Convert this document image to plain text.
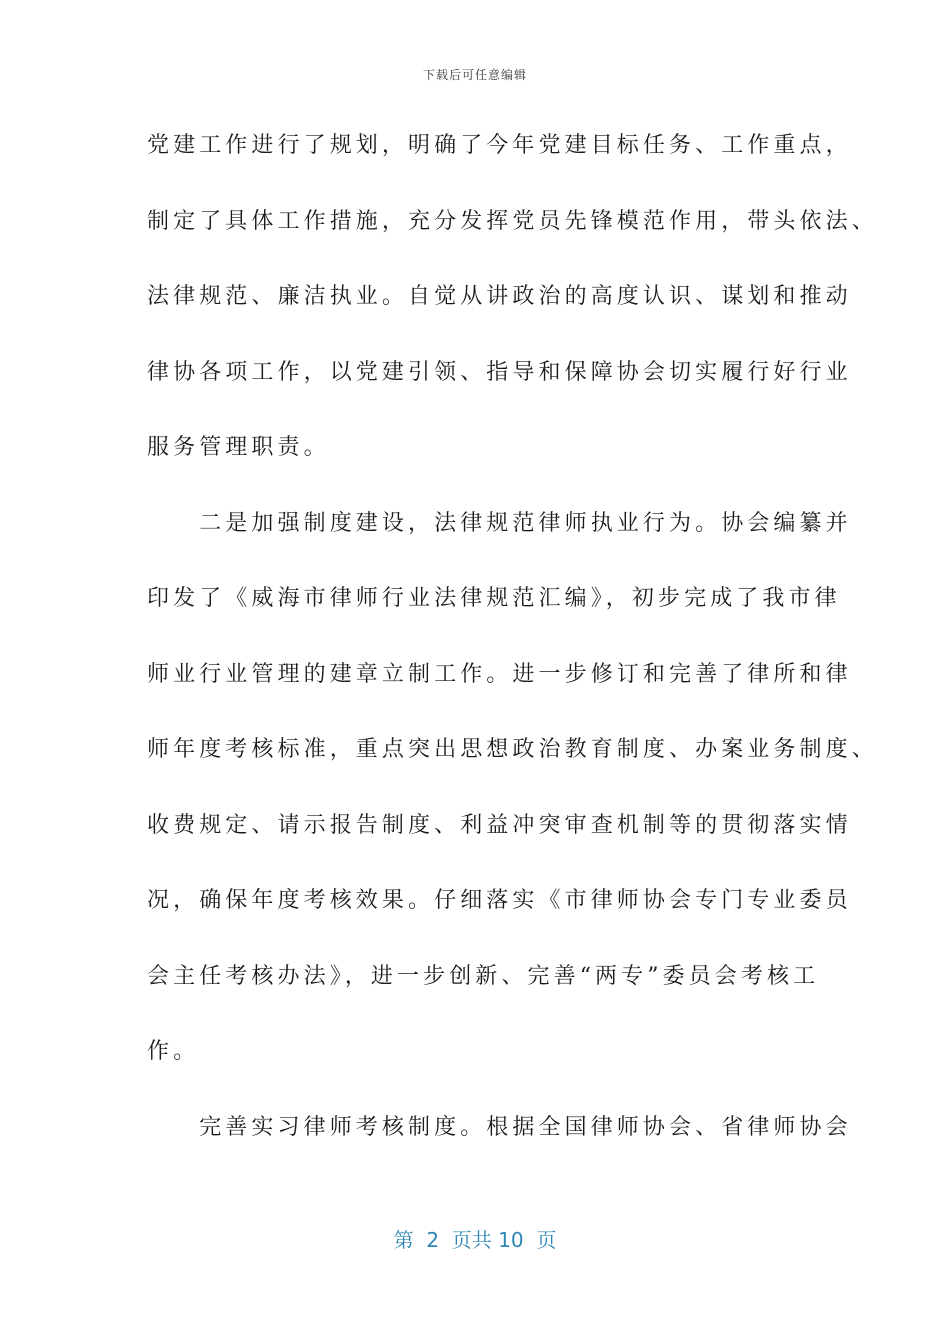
下载后可任意编辑
党建工作进行了规划，明确了今年党建目标任务、工作重点，
制定了具体工作措施，充分发挥党员先锋模范作用，带头依法、
法律规范、廉洁执业。自觉从讲政治的高度认识、谋划和推动
律协各项工作，以党建引领、指导和保障协会切实履行好行业
服务管理职责。
　　二是加强制度建设，法律规范律师执业行为。协会编纂并
印发了《威海市律师行业法律规范汇编》，初步完成了我市律
师业行业管理的建章立制工作。进一步修订和完善了律所和律
师年度考核标准，重点突出思想政治教育制度、办案业务制度、
收费规定、请示报告制度、利益冲突审查机制等的贯彻落实情
况，确保年度考核效果。仔细落实《市律师协会专门专业委员
会主任考核办法》，进一步创新、完善“两专”委员会考核工
作。
　　完善实习律师考核制度。根据全国律师协会、省律师协会
第  2  页共 10  页
